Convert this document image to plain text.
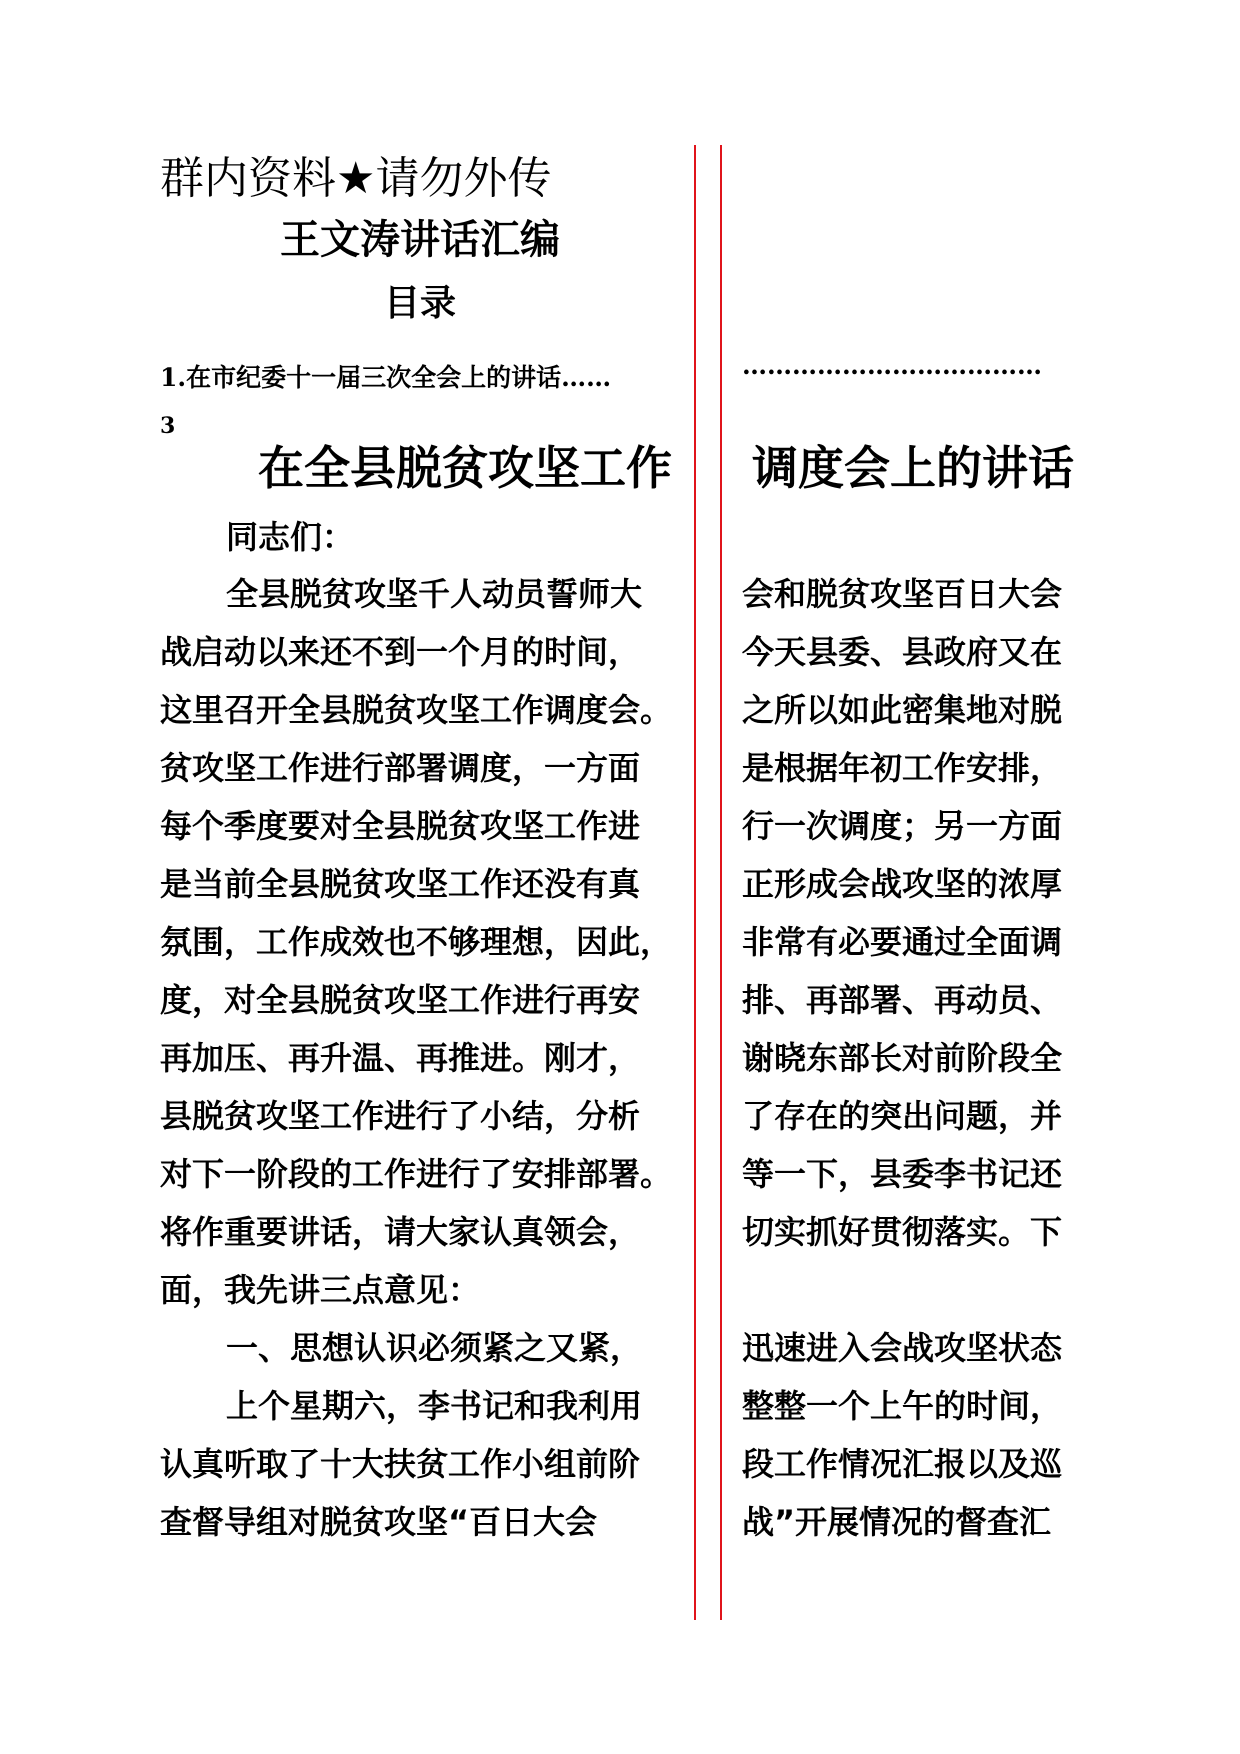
群内资料★请勿外传
王文涛讲话汇编
目录
1.在市纪委十一届三次全会上的讲话……
3
………………………………
在全县脱贫攻坚工作 调度会上的讲话
同志们：
全县脱贫攻坚千人动员誓师大
战启动以来还不到一个月的时间，
这里召开全县脱贫攻坚工作调度会。
贫攻坚工作进行部署调度，一方面
每个季度要对全县脱贫攻坚工作进
是当前全县脱贫攻坚工作还没有真
氛围，工作成效也不够理想，因此，
度，对全县脱贫攻坚工作进行再安
再加压、再升温、再推进。刚才，
县脱贫攻坚工作进行了小结，分析
对下一阶段的工作进行了安排部署。
将作重要讲话，请大家认真领会，
面，我先讲三点意见：
一、思想认识必须紧之又紧，
上个星期六，李书记和我利用
认真听取了十大扶贫工作小组前阶
查督导组对脱贫攻坚“百日大会
会和脱贫攻坚百日大会
今天县委、县政府又在
之所以如此密集地对脱
是根据年初工作安排，
行一次调度；另一方面
正形成会战攻坚的浓厚
非常有必要通过全面调
排、再部署、再动员、
谢晓东部长对前阶段全
了存在的突出问题，并
等一下，县委李书记还
切实抓好贯彻落实。下
迅速进入会战攻坚状态
整整一个上午的时间，
段工作情况汇报以及巡
战”开展情况的督查汇
